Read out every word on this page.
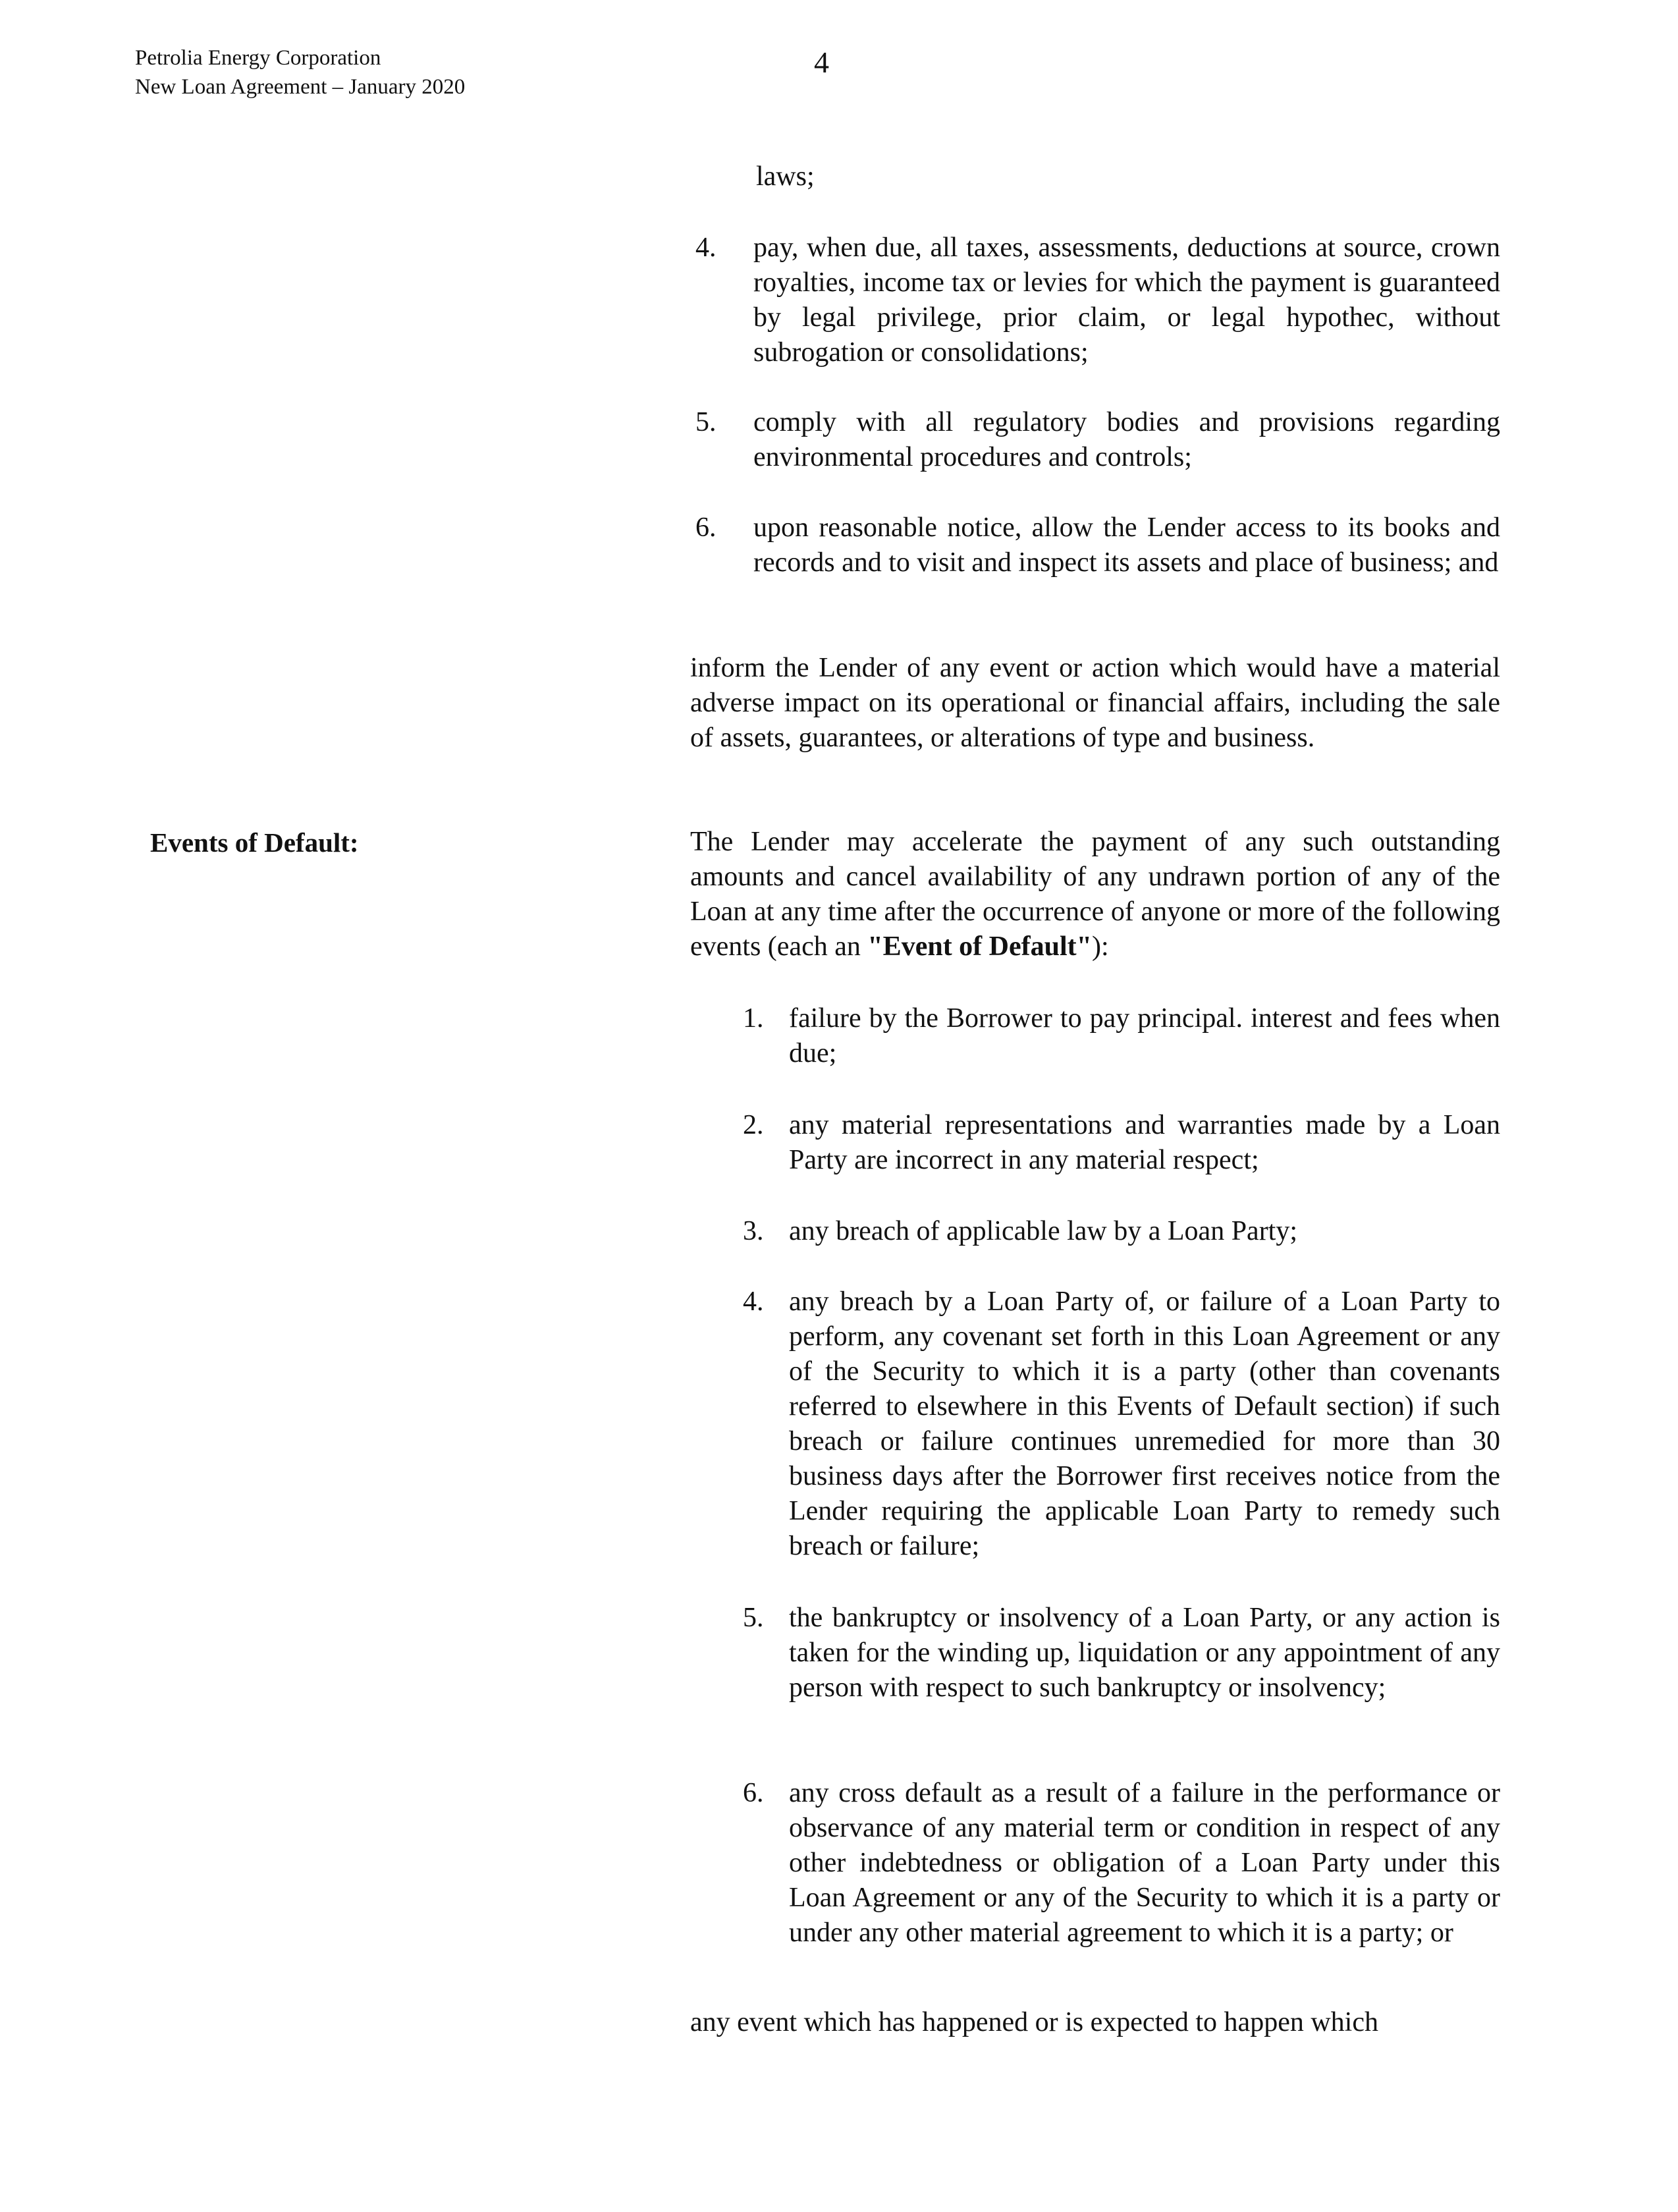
Petrolia Energy Corporation
New Loan Agreement – January 2020
4
laws;
4. pay, when due, all taxes, assessments, deductions at source, crown royalties, income tax or levies for which the payment is guaranteed by legal privilege, prior claim, or legal hypothec, without subrogation or consolidations;
5. comply with all regulatory bodies and provisions regarding environmental procedures and controls;
6. upon reasonable notice, allow the Lender access to its books and records and to visit and inspect its assets and place of business; and
inform the Lender of any event or action which would have a material adverse impact on its operational or financial affairs, including the sale of assets, guarantees, or alterations of type and business.
Events of Default:	The Lender may accelerate the payment of any such outstanding amounts and cancel availability of any undrawn portion of any of the Loan at any time after the occurrence of anyone or more of the following events (each an "Event of Default"):
1. failure by the Borrower to pay principal. interest and fees when due;
2. any material representations and warranties made by a Loan Party are incorrect in any material respect;
3. any breach of applicable law by a Loan Party;
4. any breach by a Loan Party of, or failure of a Loan Party to perform, any covenant set forth in this Loan Agreement or any of the Security to which it is a party (other than covenants referred to elsewhere in this Events of Default section) if such breach or failure continues unremedied for more than 30 business days after the Borrower first receives notice from the Lender requiring the applicable Loan Party to remedy such breach or failure;
5. the bankruptcy or insolvency of a Loan Party, or any action is taken for the winding up, liquidation or any appointment of any person with respect to such bankruptcy or insolvency;
6. any cross default as a result of a failure in the performance or observance of any material term or condition in respect of any other indebtedness or obligation of a Loan Party under this Loan Agreement or any of the Security to which it is a party or under any other material agreement to which it is a party; or
any event which has happened or is expected to happen which
